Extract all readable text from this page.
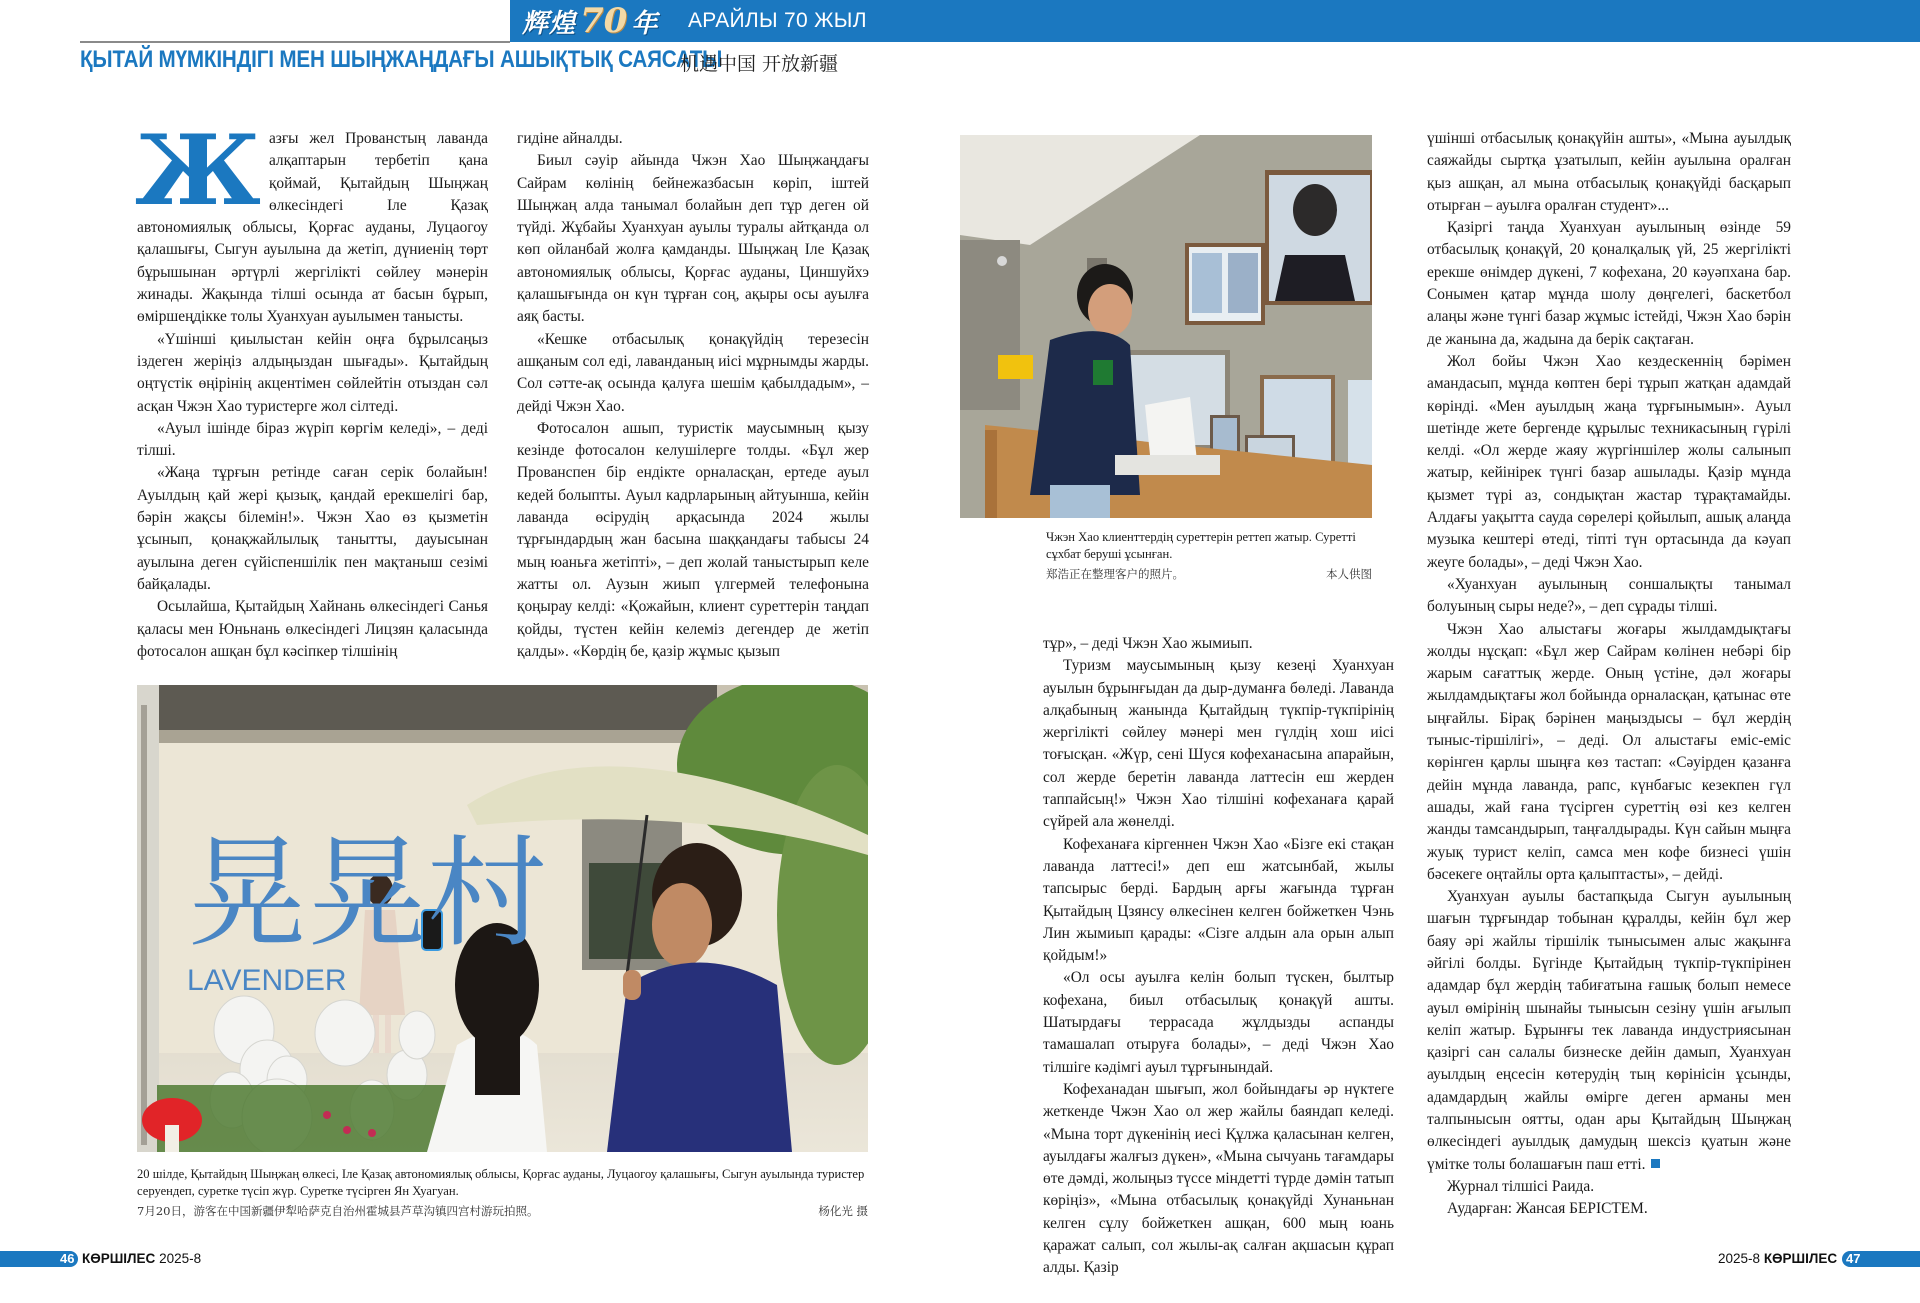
辉煌 70 年 АРАЙЛЫ 70 ЖЫЛ
ҚЫТАЙ МҮМКІНДІГІ МЕН ШЫҢЖАҢДАҒЫ АШЫҚТЫҚ САЯСАТЫ
机遇中国 开放新疆

Жазғы жел Прованстың лаванда алқаптарын тербетіп қана қоймай, Қытайдың Шыңжаң өлкесіндегі Іле Қазақ автономиялық облысы, Қорғас ауданы, Луцаогоу қалашығы, Сыгун ауылына да жетіп, дүниенің төрт бұрышынан әртүрлі жергілікті сөйлеу мәнерін жинады. Жақында тілші осында ат басын бұрып, өміршеңдікке толы Хуанхуан ауылымен танысты.

«Үшінші қиылыстан кейін оңға бұрылсаңыз іздеген жеріңіз алдыңыздан шығады». Қытайдың оңтүстік өңірінің акцентімен сөйлейтін отыздан сәл асқан Чжэн Хао туристерге жол сілтеді.

«Ауыл ішінде біраз жүріп көргім келеді», – деді тілші.

«Жаңа тұрғын ретінде саған серік болайын! Ауылдың қай жері қызық, қандай ерекшелігі бар, бәрін жақсы білемін!». Чжэн Хао өз қызметін ұсынып, қонақжайлылық танытты, дауысынан ауылына деген сүйіспеншілік пен мақтаныш сезімі байқалады.

Осылайша, Қытайдың Хайнань өлкесіндегі Санья қаласы мен Юньнань өлкесіндегі Лицзян қаласында фотосалон ашқан бұл кәсіпкер тілшінің

гидіне айналды.

Биыл сәуір айында Чжэн Хао Шыңжаңдағы Сайрам көлінің бейнежазбасын көріп, іштей Шыңжаң алда танымал болайын деп тұр деген ой түйді. Жұбайы Хуанхуан ауылы туралы айтқанда ол көп ойланбай жолға қамданды. Шыңжаң Іле Қазақ автономиялық облысы, Қорғас ауданы, Циншуйхэ қалашығында он күн тұрған соң, ақыры осы ауылға аяқ басты.

«Кешке отбасылық қонақүйдің терезесін ашқаным сол еді, лаванданың иісі мұрнымды жарды. Сол сәтте-ақ осында қалуға шешім қабылдадым», – дейді Чжэн Хао.

Фотосалон ашып, туристік маусымның қызу кезінде фотосалон келушілерге толды. «Бұл жер Прованспен бір ендікте орналасқан, ертеде ауыл кедей болыпты. Ауыл кадрларының айтуынша, кейін лаванда өсірудің арқасында 2024 жылы тұрғындардың жан басына шаққандағы табысы 24 мың юаньға жетіпті», – деп жолай таныстырып келе жатты ол. Аузын жиып үлгермей телефонына қоңырау келді: «Қожайын, клиент суреттерін таңдап қойды, түстен кейін келеміз дегендер де жетіп қалды». «Көрдің бе, қазір жұмыс қызып

晃晃村
LAVENDER
20 шілде, Қытайдың Шыңжаң өлкесі, Іле Қазақ автономиялық облысы, Қорғас ауданы, Луцаогоу қалашығы, Сыгун ауылында туристер серуендеп, суретке түсіп жүр. Суретке түсірген Ян Хуагуан.
7月20日，游客在中国新疆伊犁哈萨克自治州霍城县芦草沟镇四宫村游玩拍照。	杨化光 摄
Чжэн Хао клиенттердің суреттерін реттеп жатыр. Суретті сұхбат беруші ұсынған.
郑浩正在整理客户的照片。	本人供图

тұр», – деді Чжэн Хао жымиып.

Туризм маусымының қызу кезеңі Хуанхуан ауылын бұрынғыдан да дыр-думанға бөледі. Лаванда алқабының жанында Қытайдың түкпір-түкпірінің жергілікті сөйлеу мәнері мен гүлдің хош иісі тоғысқан. «Жүр, сені Шуся кофеханасына апарайын, сол жерде беретін лаванда латтесін еш жерден таппайсың!» Чжэн Хао тілшіні кофеханаға қарай сүйрей ала жөнелді.

Кофеханаға кіргеннен Чжэн Хао «Бізге екі стақан лаванда латтесі!» деп еш жатсынбай, жылы тапсырыс берді. Бардың арғы жағында тұрған Қытайдың Цзянсу өлкесінен келген бойжеткен Чэнь Лин жымиып қарады: «Сізге алдын ала орын алып қойдым!»

«Ол осы ауылға келін болып түскен, былтыр кофехана, биыл отбасылық қонақүй ашты. Шатырдағы террасада жұлдызды аспанды тамашалап отыруға болады», – деді Чжэн Хао тілшіге кәдімгі ауыл тұрғынындай.

Кофеханадан шығып, жол бойындағы әр нүктеге жеткенде Чжэн Хао ол жер жайлы баяндап келеді. «Мына торт дүкенінің иесі Құлжа қаласынан келген, ауылдағы жалғыз дүкен», «Мына сычуань тағамдары өте дәмді, жолыңыз түссе міндетті түрде дәмін татып көріңіз», «Мына отбасылық қонақүйді Хунаньнан келген сұлу бойжеткен ашқан, 600 мың юань қаражат салып, сол жылы-ақ салған ақшасын құрап алды. Қазір

үшінші отбасылық қонақүйін ашты», «Мына ауылдық саяжайды сыртқа ұзатылып, кейін ауылына оралған қыз ашқан, ал мына отбасылық қонақүйді басқарып отырған – ауылға оралған студент»...

Қазіргі таңда Хуанхуан ауылының өзінде 59 отбасылық қонақүй, 20 қоналқалық үй, 25 жергілікті ерекше өнімдер дүкені, 7 кофехана, 20 кәуәпхана бар. Сонымен қатар мұнда шолу дөңгелегі, баскетбол алаңы және түнгі базар жұмыс істейді, Чжэн Хао бәрін де жанына да, жадына да берік сақтаған.

Жол бойы Чжэн Хао кездескеннің бәрімен амандасып, мұнда көптен бері тұрып жатқан адамдай көрінді. «Мен ауылдың жаңа тұрғынымын». Ауыл шетінде жете бергенде құрылыс техникасының гүрілі келді. «Ол жерде жаяу жүргіншілер жолы салынып жатыр, кейінірек түнгі базар ашылады. Қазір мұнда қызмет түрі аз, сондықтан жастар тұрақтамайды. Алдағы уақытта сауда сөрелері қойылып, ашық алаңда музыка кештері өтеді, тіпті түн ортасында да кәуап жеуге болады», – деді Чжэн Хао.

«Хуанхуан ауылының соншалықты танымал болуының сыры неде?», – деп сұрады тілші.

Чжэн Хао алыстағы жоғары жылдамдықтағы жолды нұсқап: «Бұл жер Сайрам көлінен небәрі бір жарым сағаттық жерде. Оның үстіне, дәл жоғары жылдамдықтағы жол бойында орналасқан, қатынас өте ыңғайлы. Бірақ бәрінен маңыздысы – бұл жердің тыныс-тіршілігі», – деді. Ол алыстағы еміс-еміс көрінген қарлы шыңға көз тастап: «Сәуірден қазанға дейін мұнда лаванда, рапс, күнбағыс кезекпен гүл ашады, жай ғана түсірген суреттің өзі кез келген жанды тамсандырып, таңғалдырады. Күн сайын мыңға жуық турист келіп, самса мен кофе бизнесі үшін бәсекеге оңтайлы орта қалыптасты», – дейді.

Хуанхуан ауылы бастапқыда Сыгун ауылының шағын тұрғындар тобынан құралды, кейін бұл жер баяу әрі жайлы тіршілік тынысымен алыс жақынға әйгілі болды. Бүгінде Қытайдың түкпір-түкпірінен адамдар бұл жердің табиғатына ғашық болып немесе ауыл өмірінің шынайы тынысын сезіну үшін ағылып келіп жатыр. Бұрынғы тек лаванда индустриясынан қазіргі сан салалы бизнеске дейін дамып, Хуанхуан ауылдың еңсесін көтерудің тың көрінісін ұсынды, адамдардың жайлы өмірге деген арманы мен талпынысын оятты, одан ары Қытайдың Шыңжаң өлкесіндегі ауылдық дамудың шексіз қуатын және үмітке толы болашағын паш етті.

Журнал тілшісі Раида.

Аударған: Жансая БЕРІСТЕМ.

46 КӨРШІЛЕС 2025-8	2025-8 КӨРШІЛЕС 47
